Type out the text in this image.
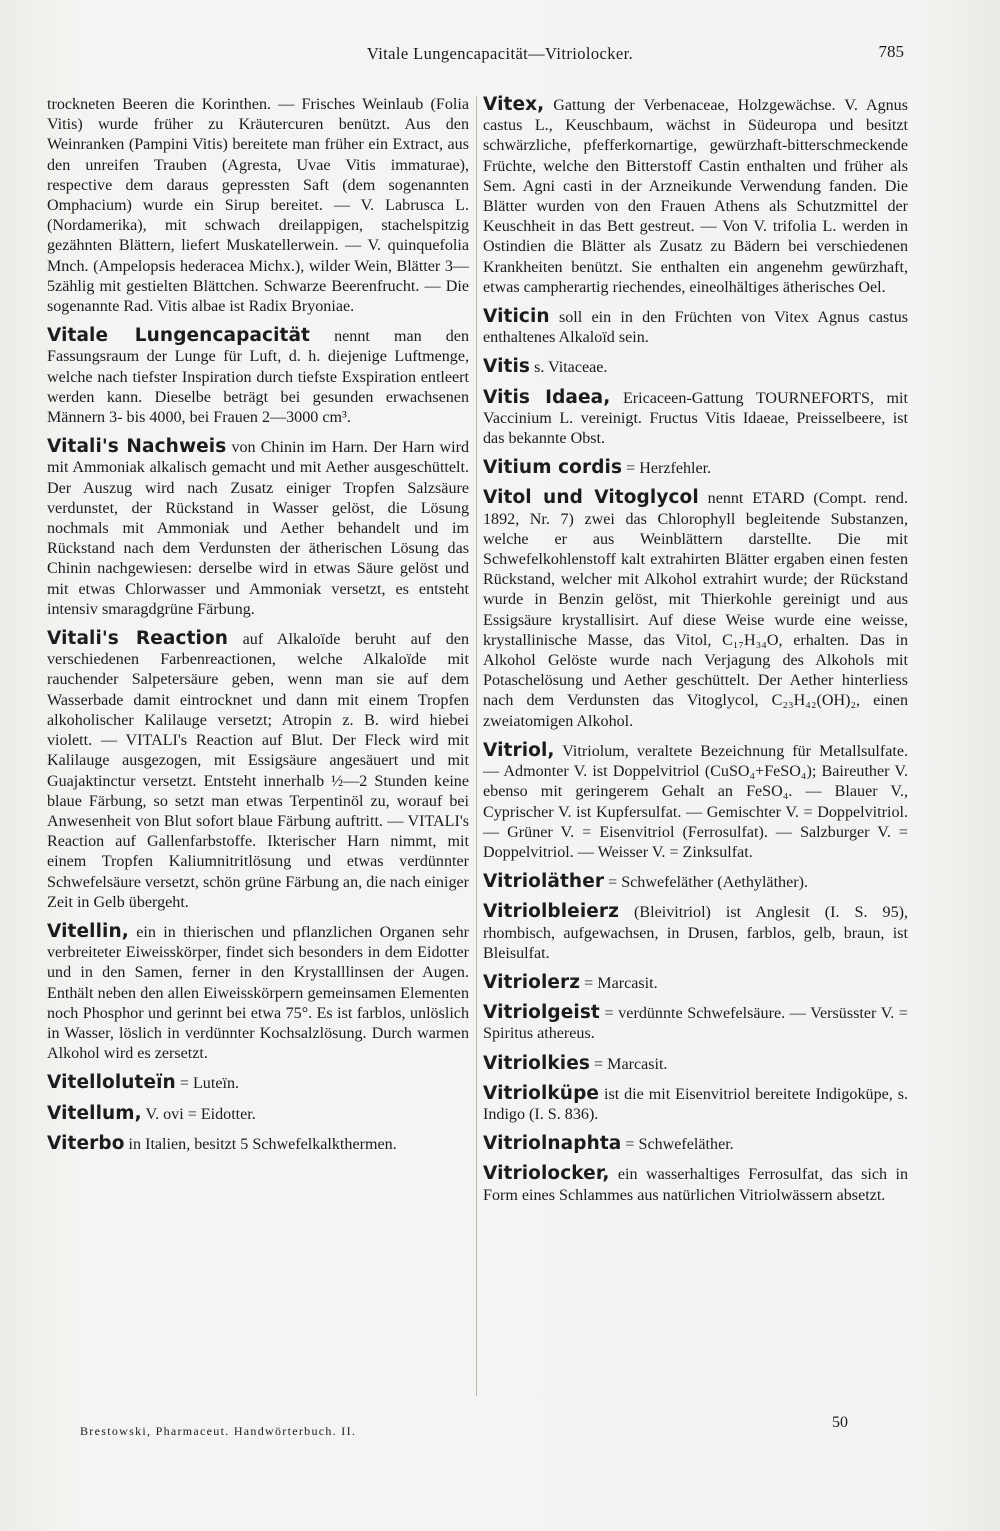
Vitale Lungencapacität—Vitriolocker.	785

trockneten Beeren die Korinthen. — Frisches Weinlaub (Folia Vitis) wurde früher zu Kräutercuren benützt. Aus den Weinranken (Pampini Vitis) bereitete man früher ein Extract, aus den unreifen Trauben (Agresta, Uvae Vitis immaturae), respective dem daraus gepressten Saft (dem sogenannten Omphacium) wurde ein Sirup bereitet. — V. Labrusca L. (Nordamerika), mit schwach dreilappigen, stachelspitzig gezähnten Blättern, liefert Muskatellerwein. — V. quinquefolia Mnch. (Ampelopsis hederacea Michx.), wilder Wein, Blätter 3—5zählig mit gestielten Blättchen. Schwarze Beerenfrucht. — Die sogenannte Rad. Vitis albae ist Radix Bryoniae.

Vitale Lungencapacität nennt man den Fassungsraum der Lunge für Luft, d. h. diejenige Luftmenge, welche nach tiefster Inspiration durch tiefste Exspiration entleert werden kann. Dieselbe beträgt bei gesunden erwachsenen Männern 3- bis 4000, bei Frauen 2—3000 cm³.

Vitali's Nachweis von Chinin im Harn. Der Harn wird mit Ammoniak alkalisch gemacht und mit Aether ausgeschüttelt. Der Auszug wird nach Zusatz einiger Tropfen Salzsäure verdunstet, der Rückstand in Wasser gelöst, die Lösung nochmals mit Ammoniak und Aether behandelt und im Rückstand nach dem Verdunsten der ätherischen Lösung das Chinin nachgewiesen: derselbe wird in etwas Säure gelöst und mit etwas Chlorwasser und Ammoniak versetzt, es entsteht intensiv smaragdgrüne Färbung.

Vitali's Reaction auf Alkaloïde beruht auf den verschiedenen Farbenreactionen, welche Alkaloïde mit rauchender Salpetersäure geben, wenn man sie auf dem Wasserbade damit eintrocknet und dann mit einem Tropfen alkoholischer Kalilauge versetzt; Atropin z. B. wird hiebei violett. — VITALI's Reaction auf Blut. Der Fleck wird mit Kalilauge ausgezogen, mit Essigsäure angesäuert und mit Guajaktinctur versetzt. Entsteht innerhalb ½—2 Stunden keine blaue Färbung, so setzt man etwas Terpentinöl zu, worauf bei Anwesenheit von Blut sofort blaue Färbung auftritt. — VITALI's Reaction auf Gallenfarbstoffe. Ikterischer Harn nimmt, mit einem Tropfen Kaliumnitritlösung und etwas verdünnter Schwefelsäure versetzt, schön grüne Färbung an, die nach einiger Zeit in Gelb übergeht.

Vitellin, ein in thierischen und pflanzlichen Organen sehr verbreiteter Eiweisskörper, findet sich besonders in dem Eidotter und in den Samen, ferner in den Krystalllinsen der Augen. Enthält neben den allen Eiweisskörpern gemeinsamen Elementen noch Phosphor und gerinnt bei etwa 75°. Es ist farblos, unlöslich in Wasser, löslich in verdünnter Kochsalzlösung. Durch warmen Alkohol wird es zersetzt.

Vitelloluteïn = Luteïn.

Vitellum, V. ovi = Eidotter.

Viterbo in Italien, besitzt 5 Schwefelkalkthermen.

Vitex, Gattung der Verbenaceae, Holzgewächse. V. Agnus castus L., Keuschbaum, wächst in Südeuropa und besitzt schwärzliche, pfefferkornartige, gewürzhaft-bitterschmeckende Früchte, welche den Bitterstoff Castin enthalten und früher als Sem. Agni casti in der Arzneikunde Verwendung fanden. Die Blätter wurden von den Frauen Athens als Schutzmittel der Keuschheit in das Bett gestreut. — Von V. trifolia L. werden in Ostindien die Blätter als Zusatz zu Bädern bei verschiedenen Krankheiten benützt. Sie enthalten ein angenehm gewürzhaft, etwas campherartig riechendes, eineolhältiges ätherisches Oel.

Viticin soll ein in den Früchten von Vitex Agnus castus enthaltenes Alkaloïd sein.

Vitis s. Vitaceae.

Vitis Idaea, Ericaceen-Gattung TOURNEFORTS, mit Vaccinium L. vereinigt. Fructus Vitis Idaeae, Preisselbeere, ist das bekannte Obst.

Vitium cordis = Herzfehler.

Vitol und Vitoglycol nennt ETARD (Compt. rend. 1892, Nr. 7) zwei das Chlorophyll begleitende Substanzen, welche er aus Weinblättern darstellte. Die mit Schwefelkohlenstoff kalt extrahirten Blätter ergaben einen festen Rückstand, welcher mit Alkohol extrahirt wurde; der Rückstand wurde in Benzin gelöst, mit Thierkohle gereinigt und aus Essigsäure krystallisirt. Auf diese Weise wurde eine weisse, krystallinische Masse, das Vitol, C₁₇H₃₄O, erhalten. Das in Alkohol Gelöste wurde nach Verjagung des Alkohols mit Potaschelösung und Aether geschüttelt. Der Aether hinterliess nach dem Verdunsten das Vitoglycol, C₂₃H₄₂(OH)₂, einen zweiatomigen Alkohol.

Vitriol, Vitriolum, veraltete Bezeichnung für Metallsulfate. — Admonter V. ist Doppelvitriol (CuSO₄+FeSO₄); Baireuther V. ebenso mit geringerem Gehalt an FeSO₄. — Blauer V., Cyprischer V. ist Kupfersulfat. — Gemischter V. = Doppelvitriol. — Grüner V. = Eisenvitriol (Ferrosulfat). — Salzburger V. = Doppelvitriol. — Weisser V. = Zinksulfat.

Vitrioläther = Schwefeläther (Aethyläther).

Vitriolbleierz (Bleivitriol) ist Anglesit (I. S. 95), rhombisch, aufgewachsen, in Drusen, farblos, gelb, braun, ist Bleisulfat.

Vitriolerz = Marcasit.

Vitriolgeist = verdünnte Schwefelsäure. — Versüsster V. = Spiritus athereus.

Vitriolkies = Marcasit.

Vitriolküpe ist die mit Eisenvitriol bereitete Indigoküpe, s. Indigo (I. S. 836).

Vitriolnaphta = Schwefeläther.

Vitriolocker, ein wasserhaltiges Ferrosulfat, das sich in Form eines Schlammes aus natürlichen Vitriolwässern absetzt.

Brestowski, Pharmaceut. Handwörterbuch. II.	50
